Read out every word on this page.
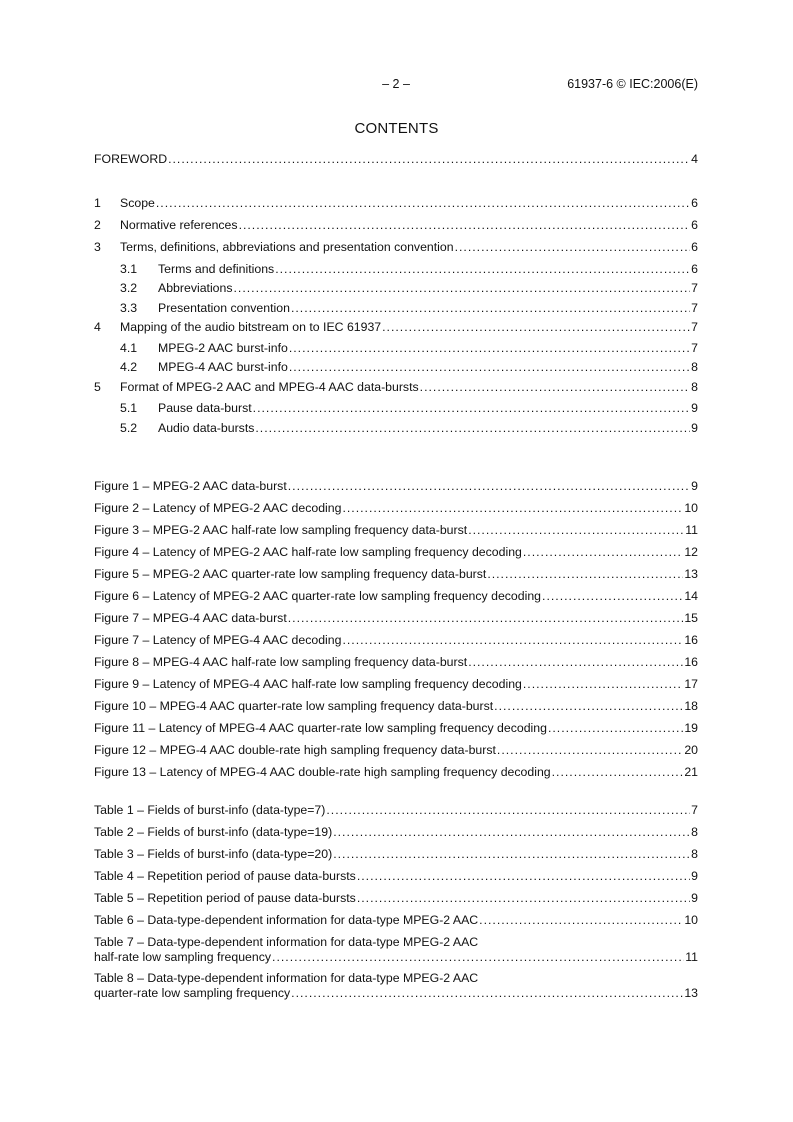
– 2 –	61937-6 © IEC:2006(E)
CONTENTS
FOREWORD .....	4
1	Scope .....	6
2	Normative references .....	6
3	Terms, definitions, abbreviations and presentation convention .....	6
3.1	Terms and definitions .....	6
3.2	Abbreviations .....	7
3.3	Presentation convention .....	7
4	Mapping of the audio bitstream on to IEC 61937 .....	7
4.1	MPEG-2 AAC burst-info .....	7
4.2	MPEG-4 AAC burst-info .....	8
5	Format of MPEG-2 AAC and MPEG-4 AAC data-bursts .....	8
5.1	Pause data-burst .....	9
5.2	Audio data-bursts .....	9
Figure 1 – MPEG-2 AAC data-burst .....	9
Figure 2 – Latency of MPEG-2 AAC decoding .....	10
Figure 3 – MPEG-2 AAC half-rate low sampling frequency data-burst .....	11
Figure 4 – Latency of MPEG-2 AAC half-rate low sampling frequency decoding .....	12
Figure 5 – MPEG-2 AAC quarter-rate low sampling frequency data-burst .....	13
Figure 6 – Latency of MPEG-2 AAC quarter-rate low sampling frequency decoding .....	14
Figure 7 – MPEG-4 AAC data-burst .....	15
Figure 7 – Latency of MPEG-4 AAC decoding .....	16
Figure 8 – MPEG-4 AAC half-rate low sampling frequency data-burst .....	16
Figure 9 – Latency of MPEG-4 AAC half-rate low sampling frequency decoding .....	17
Figure 10 – MPEG-4 AAC quarter-rate low sampling frequency data-burst .....	18
Figure 11 – Latency of MPEG-4 AAC quarter-rate low sampling frequency decoding .....	19
Figure 12 – MPEG-4 AAC double-rate high sampling frequency data-burst .....	20
Figure 13 – Latency of MPEG-4 AAC double-rate high sampling frequency decoding .....	21
Table 1 – Fields of burst-info (data-type=7) .....	7
Table 2 – Fields of burst-info (data-type=19) .....	8
Table 3 – Fields of burst-info (data-type=20) .....	8
Table 4 – Repetition period of pause data-bursts .....	9
Table 5 – Repetition period of pause data-bursts .....	9
Table 6 – Data-type-dependent information for data-type MPEG-2 AAC .....	10
Table 7 – Data-type-dependent information for data-type MPEG-2 AAC
half-rate low sampling frequency .....	11
Table 8 – Data-type-dependent information for data-type MPEG-2 AAC
quarter-rate low sampling frequency .....	13
